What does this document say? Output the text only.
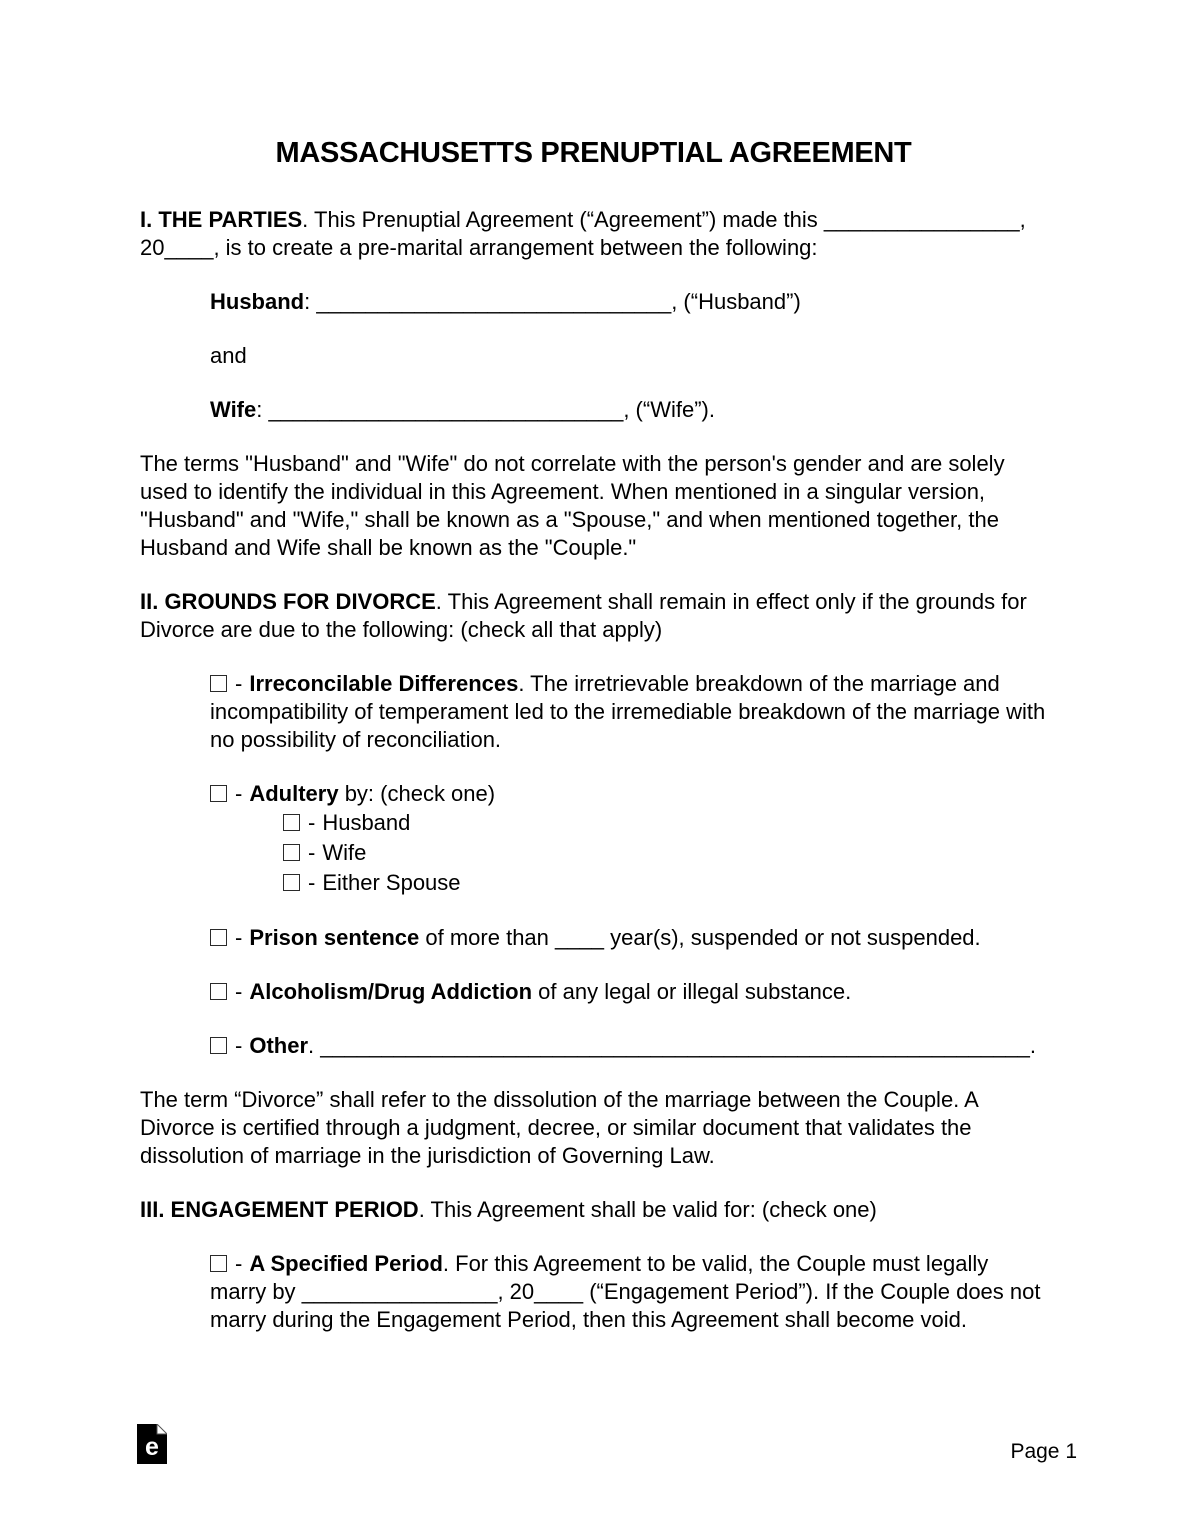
MASSACHUSETTS PRENUPTIAL AGREEMENT

I. THE PARTIES. This Prenuptial Agreement (“Agreement”) made this ________________, 20____, is to create a pre-marital arrangement between the following:

Husband: _____________________________, (“Husband”)

and

Wife: _____________________________, (“Wife”).

The terms "Husband" and "Wife" do not correlate with the person's gender and are solely used to identify the individual in this Agreement. When mentioned in a singular version, "Husband" and "Wife," shall be known as a "Spouse," and when mentioned together, the Husband and Wife shall be known as the "Couple."

II. GROUNDS FOR DIVORCE. This Agreement shall remain in effect only if the grounds for Divorce are due to the following: (check all that apply)

- Irreconcilable Differences. The irretrievable breakdown of the marriage and incompatibility of temperament led to the irremediable breakdown of the marriage with no possibility of reconciliation.
- Adultery by: (check one)
- Husband
- Wife
- Either Spouse
- Prison sentence of more than ____ year(s), suspended or not suspended.
- Alcoholism/Drug Addiction of any legal or illegal substance.
- Other. __________________________________________________________.

The term “Divorce” shall refer to the dissolution of the marriage between the Couple. A Divorce is certified through a judgment, decree, or similar document that validates the dissolution of marriage in the jurisdiction of Governing Law.

III. ENGAGEMENT PERIOD. This Agreement shall be valid for: (check one)

- A Specified Period. For this Agreement to be valid, the Couple must legally marry by ________________, 20____ (“Engagement Period”). If the Couple does not marry during the Engagement Period, then this Agreement shall become void.
e	Page 1
